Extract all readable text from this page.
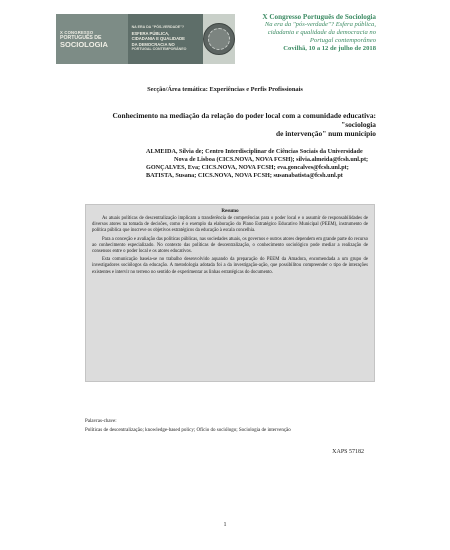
X CONGRESSO
PORTUGUÊS DE
SOCIOLOGIA
NA ERA DA "PÓS-VERDADE"?
ESFERA PÚBLICA,
CIDADANIA E QUALIDADE
DA DEMOCRACIA NO
PORTUGAL CONTEMPORÂNEO
X Congresso Português de Sociologia
Na era da "pós-verdade"? Esfera pública,
cidadania e qualidade da democracia no
Portugal contemporâneo
Covilhã, 10 a 12 de julho de 2018
Secção/Área temática: Experiências e Perfis Profissionais
Conhecimento na mediação da relação do poder local com a comunidade educativa: "sociologia
de intervenção" num município
ALMEIDA, Sílvia de; Centro Interdisciplinar de Ciências Sociais da Universidade
Nova de Lisboa (CICS.NOVA, NOVA FCSH); silvia.almeida@fcsh.unl.pt;
GONÇALVES, Eva; CICS.NOVA, NOVA FCSH; eva.goncalves@fcsh.unl.pt;
BATISTA, Susana; CICS.NOVA, NOVA FCSH; susanabatista@fcsh.unl.pt
Resumo

As atuais políticas de descentralização implicam a transferência de competências para o poder local e o assumir de responsabilidades de diversos atores na tomada de decisões, como é o exemplo da elaboração do Plano Estratégico Educativo Municipal (PEEM), instrumento de política pública que inscreve os objetivos estratégicos da educação à escala concelhia.

Para a conceção e avaliação das políticas públicas, nas sociedades atuais, os governos e outros atores dependem em grande parte do recurso ao conhecimento especializado. No contexto das políticas de descentralização, o conhecimento sociológico pode mediar a realização de consensos entre o poder local e os atores educativos.

Esta comunicação baseia-se no trabalho desenvolvido aquando da preparação do PEEM da Amadora, encomendada a um grupo de investigadores sociólogos da educação. A metodologia adotada foi a da investigação-ação, que possibilitou compreender o tipo de interações existentes e intervir no terreno no sentido de experimentar as linhas estratégicas do documento.

Palavras-chave:
Políticas de descentralização; knowledge-based policy; Ofício do sociólogo; Sociologia de intervenção
XAPS 57182
1
